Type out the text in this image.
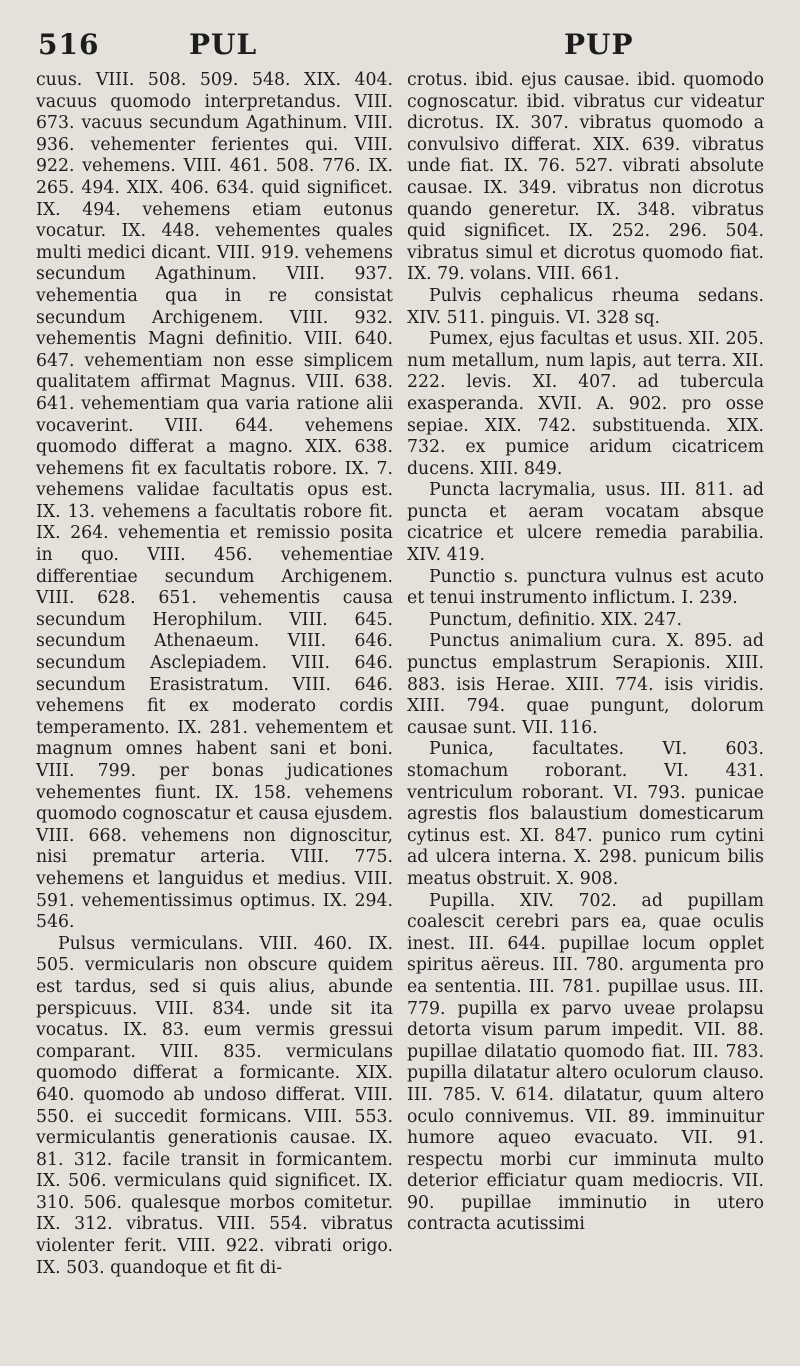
516	PUL	PUP

cuus. VIII. 508. 509. 548. XIX. 404. vacuus quomodo interpretandus. VIII. 673. vacuus secundum Agathinum. VIII. 936. vehementer ferientes qui. VIII. 922. vehemens. VIII. 461. 508. 776. IX. 265. 494. XIX. 406. 634. quid significet. IX. 494. vehemens etiam eutonus vocatur. IX. 448. vehementes quales multi medici dicant. VIII. 919. vehemens secundum Agathinum. VIII. 937. vehementia qua in re consistat secundum Archigenem. VIII. 932. vehementis Magni definitio. VIII. 640. 647. vehementiam non esse simplicem qualitatem affirmat Magnus. VIII. 638. 641. vehementiam qua varia ratione alii vocaverint. VIII. 644. vehemens quomodo differat a magno. XIX. 638. vehemens fit ex facultatis robore. IX. 7. vehemens validae facultatis opus est. IX. 13. vehemens a facultatis robore fit. IX. 264. vehementia et remissio posita in quo. VIII. 456. vehementiae differentiae secundum Archigenem. VIII. 628. 651. vehementis causa secundum Herophilum. VIII. 645. secundum Athenaeum. VIII. 646. secundum Asclepiadem. VIII. 646. secundum Erasistratum. VIII. 646. vehemens fit ex moderato cordis temperamento. IX. 281. vehementem et magnum omnes habent sani et boni. VIII. 799. per bonas judicationes vehementes fiunt. IX. 158. vehemens quomodo cognoscatur et causa ejusdem. VIII. 668. vehemens non dignoscitur, nisi prematur arteria. VIII. 775. vehemens et languidus et medius. VIII. 591. vehementissimus optimus. IX. 294. 546.

Pulsus vermiculans. VIII. 460. IX. 505. vermicularis non obscure quidem est tardus, sed si quis alius, abunde perspicuus. VIII. 834. unde sit ita vocatus. IX. 83. eum vermis gressui comparant. VIII. 835. vermiculans quomodo differat a formicante. XIX. 640. quomodo ab undoso differat. VIII. 550. ei succedit formicans. VIII. 553. vermiculantis generationis causae. IX. 81. 312. facile transit in formicantem. IX. 506. vermiculans quid significet. IX. 310. 506. qualesque morbos comitetur. IX. 312. vibratus. VIII. 554. vibratus violenter ferit. VIII. 922. vibrati origo. IX. 503. quandoque et fit di-

crotus. ibid. ejus causae. ibid. quomodo cognoscatur. ibid. vibratus cur videatur dicrotus. IX. 307. vibratus quomodo a convulsivo differat. XIX. 639. vibratus unde fiat. IX. 76. 527. vibrati absolute causae. IX. 349. vibratus non dicrotus quando generetur. IX. 348. vibratus quid significet. IX. 252. 296. 504. vibratus simul et dicrotus quomodo fiat. IX. 79. volans. VIII. 661.

Pulvis cephalicus rheuma sedans. XIV. 511. pinguis. VI. 328 sq.

Pumex, ejus facultas et usus. XII. 205. num metallum, num lapis, aut terra. XII. 222. levis. XI. 407. ad tubercula exasperanda. XVII. A. 902. pro osse sepiae. XIX. 742. substituenda. XIX. 732. ex pumice aridum cicatricem ducens. XIII. 849.

Puncta lacrymalia, usus. III. 811. ad puncta et aeram vocatam absque cicatrice et ulcere remedia parabilia. XIV. 419.

Punctio s. punctura vulnus est acuto et tenui instrumento inflictum. I. 239.

Punctum, definitio. XIX. 247.

Punctus animalium cura. X. 895. ad punctus emplastrum Serapionis. XIII. 883. isis Herae. XIII. 774. isis viridis. XIII. 794. quae pungunt, dolorum causae sunt. VII. 116.

Punica, facultates. VI. 603. stomachum roborant. VI. 431. ventriculum roborant. VI. 793. punicae agrestis flos balaustium domesticarum cytinus est. XI. 847. punico rum cytini ad ulcera interna. X. 298. punicum bilis meatus obstruit. X. 908.

Pupilla. XIV. 702. ad pupillam coalescit cerebri pars ea, quae oculis inest. III. 644. pupillae locum opplet spiritus aëreus. III. 780. argumenta pro ea sententia. III. 781. pupillae usus. III. 779. pupilla ex parvo uveae prolapsu detorta visum parum impedit. VII. 88. pupillae dilatatio quomodo fiat. III. 783. pupilla dilatatur altero oculorum clauso. III. 785. V. 614. dilatatur, quum altero oculo connivemus. VII. 89. imminuitur humore aqueo evacuato. VII. 91. respectu morbi cur imminuta multo deterior efficiatur quam mediocris. VII. 90. pupillae imminutio in utero contracta acutissimi
